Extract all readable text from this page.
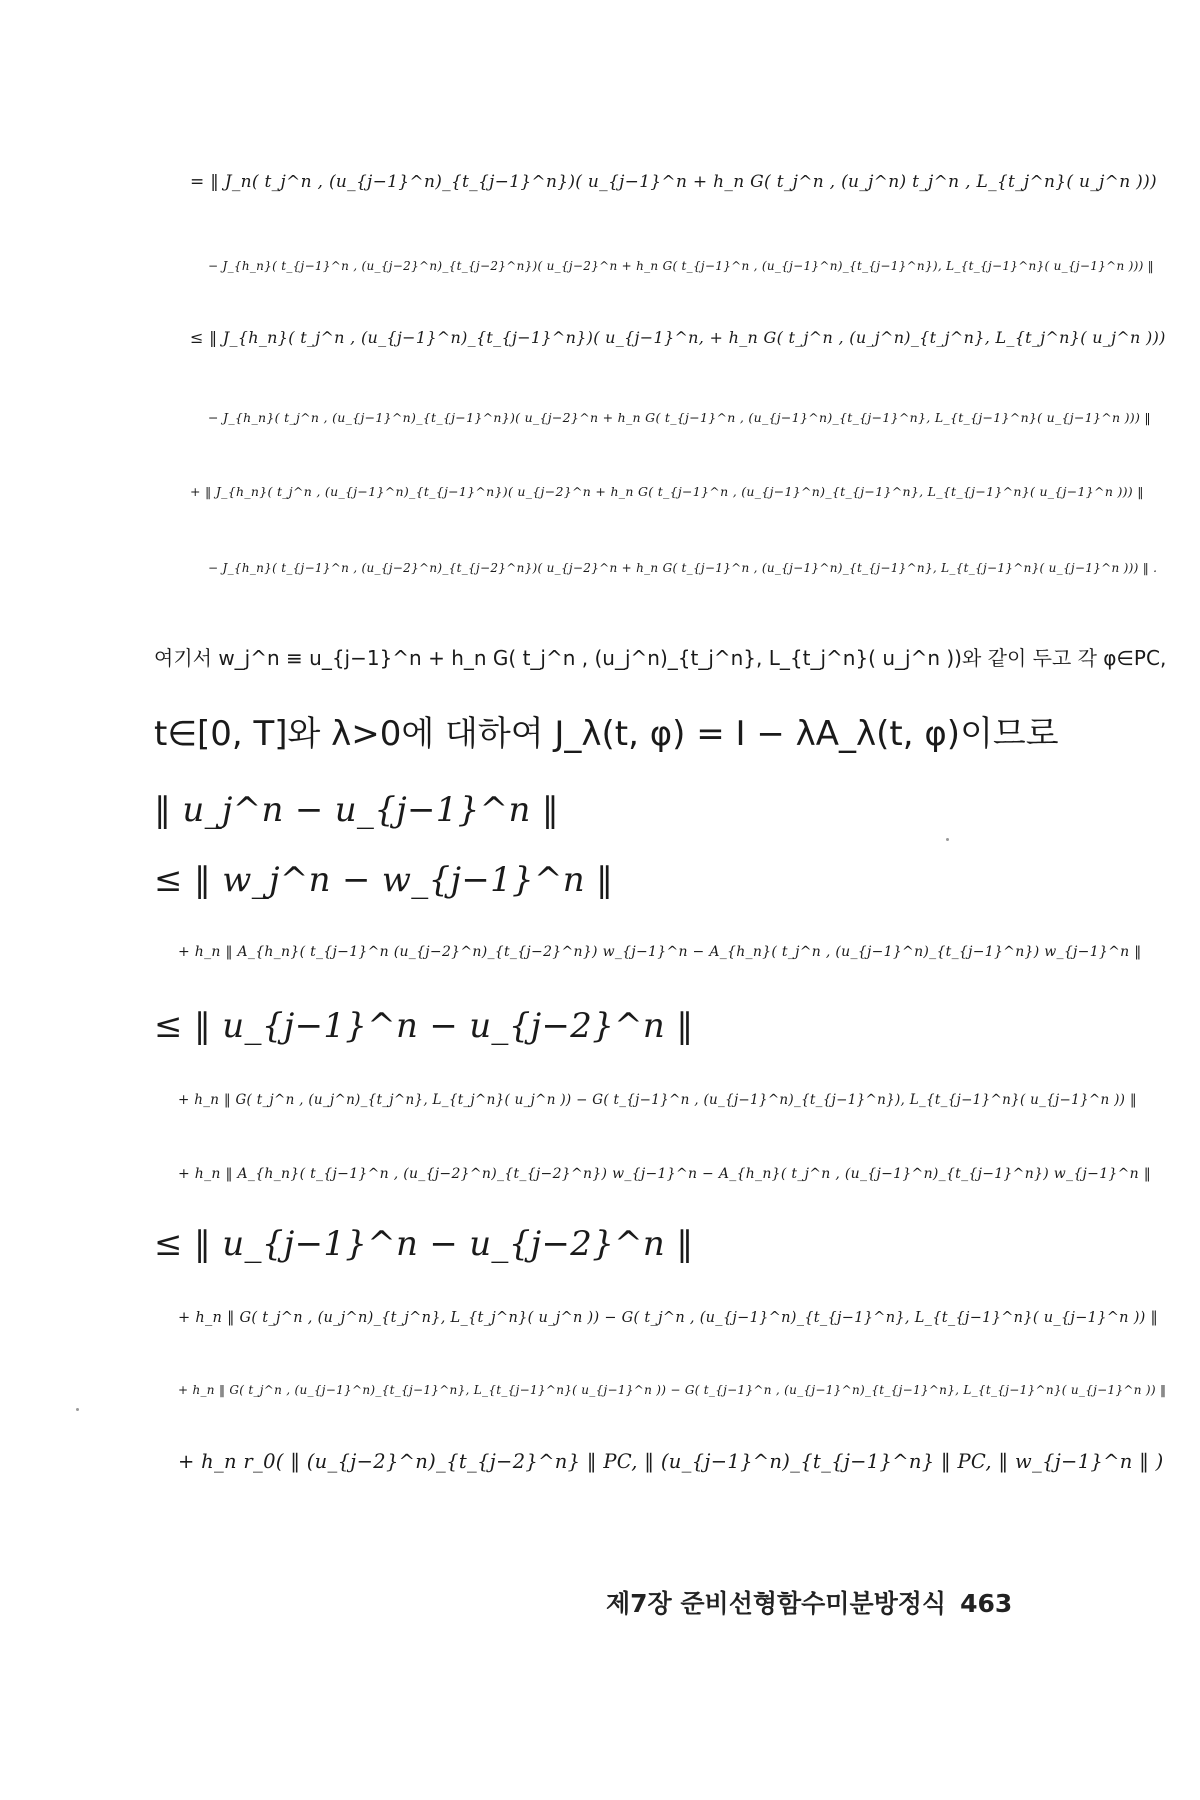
= ‖ J_n( t_j^n , (u_{j−1}^n)_{t_{j−1}^n})( u_{j−1}^n + h_n G( t_j^n , (u_j^n) t_j^n , L_{t_j^n}( u_j^n )))
− J_{h_n}( t_{j−1}^n , (u_{j−2}^n)_{t_{j−2}^n})( u_{j−2}^n + h_n G( t_{j−1}^n , (u_{j−1}^n)_{t_{j−1}^n}), L_{t_{j−1}^n}( u_{j−1}^n ))) ‖
≤ ‖ J_{h_n}( t_j^n , (u_{j−1}^n)_{t_{j−1}^n})( u_{j−1}^n, + h_n G( t_j^n , (u_j^n)_{t_j^n}, L_{t_j^n}( u_j^n )))
− J_{h_n}( t_j^n , (u_{j−1}^n)_{t_{j−1}^n})( u_{j−2}^n + h_n G( t_{j−1}^n , (u_{j−1}^n)_{t_{j−1}^n}, L_{t_{j−1}^n}( u_{j−1}^n ))) ‖
+ ‖ J_{h_n}( t_j^n , (u_{j−1}^n)_{t_{j−1}^n})( u_{j−2}^n + h_n G( t_{j−1}^n , (u_{j−1}^n)_{t_{j−1}^n}, L_{t_{j−1}^n}( u_{j−1}^n ))) ‖
− J_{h_n}( t_{j−1}^n , (u_{j−2}^n)_{t_{j−2}^n})( u_{j−2}^n + h_n G( t_{j−1}^n , (u_{j−1}^n)_{t_{j−1}^n}, L_{t_{j−1}^n}( u_{j−1}^n ))) ‖ .
여기서 w_j^n ≡ u_{j−1}^n + h_n G( t_j^n , (u_j^n)_{t_j^n}, L_{t_j^n}( u_j^n ))와 같이 두고 각 φ∈PC,
t∈[0, T]와 λ>0에 대하여 J_λ(t, φ) = I − λA_λ(t, φ)이므로
‖ u_j^n − u_{j−1}^n ‖
≤ ‖ w_j^n − w_{j−1}^n ‖
+ h_n ‖ A_{h_n}( t_{j−1}^n (u_{j−2}^n)_{t_{j−2}^n}) w_{j−1}^n − A_{h_n}( t_j^n , (u_{j−1}^n)_{t_{j−1}^n}) w_{j−1}^n ‖
≤ ‖ u_{j−1}^n − u_{j−2}^n ‖
+ h_n ‖ G( t_j^n , (u_j^n)_{t_j^n}, L_{t_j^n}( u_j^n )) − G( t_{j−1}^n , (u_{j−1}^n)_{t_{j−1}^n}), L_{t_{j−1}^n}( u_{j−1}^n )) ‖
+ h_n ‖ A_{h_n}( t_{j−1}^n , (u_{j−2}^n)_{t_{j−2}^n}) w_{j−1}^n − A_{h_n}( t_j^n , (u_{j−1}^n)_{t_{j−1}^n}) w_{j−1}^n ‖
≤ ‖ u_{j−1}^n − u_{j−2}^n ‖
+ h_n ‖ G( t_j^n , (u_j^n)_{t_j^n}, L_{t_j^n}( u_j^n )) − G( t_j^n , (u_{j−1}^n)_{t_{j−1}^n}, L_{t_{j−1}^n}( u_{j−1}^n )) ‖
+ h_n ‖ G( t_j^n , (u_{j−1}^n)_{t_{j−1}^n}, L_{t_{j−1}^n}( u_{j−1}^n )) − G( t_{j−1}^n , (u_{j−1}^n)_{t_{j−1}^n}, L_{t_{j−1}^n}( u_{j−1}^n )) ‖
+ h_n r_0( ‖ (u_{j−2}^n)_{t_{j−2}^n} ‖ PC, ‖ (u_{j−1}^n)_{t_{j−1}^n} ‖ PC, ‖ w_{j−1}^n ‖ )
제7장 준비선형함수미분방정식 463
